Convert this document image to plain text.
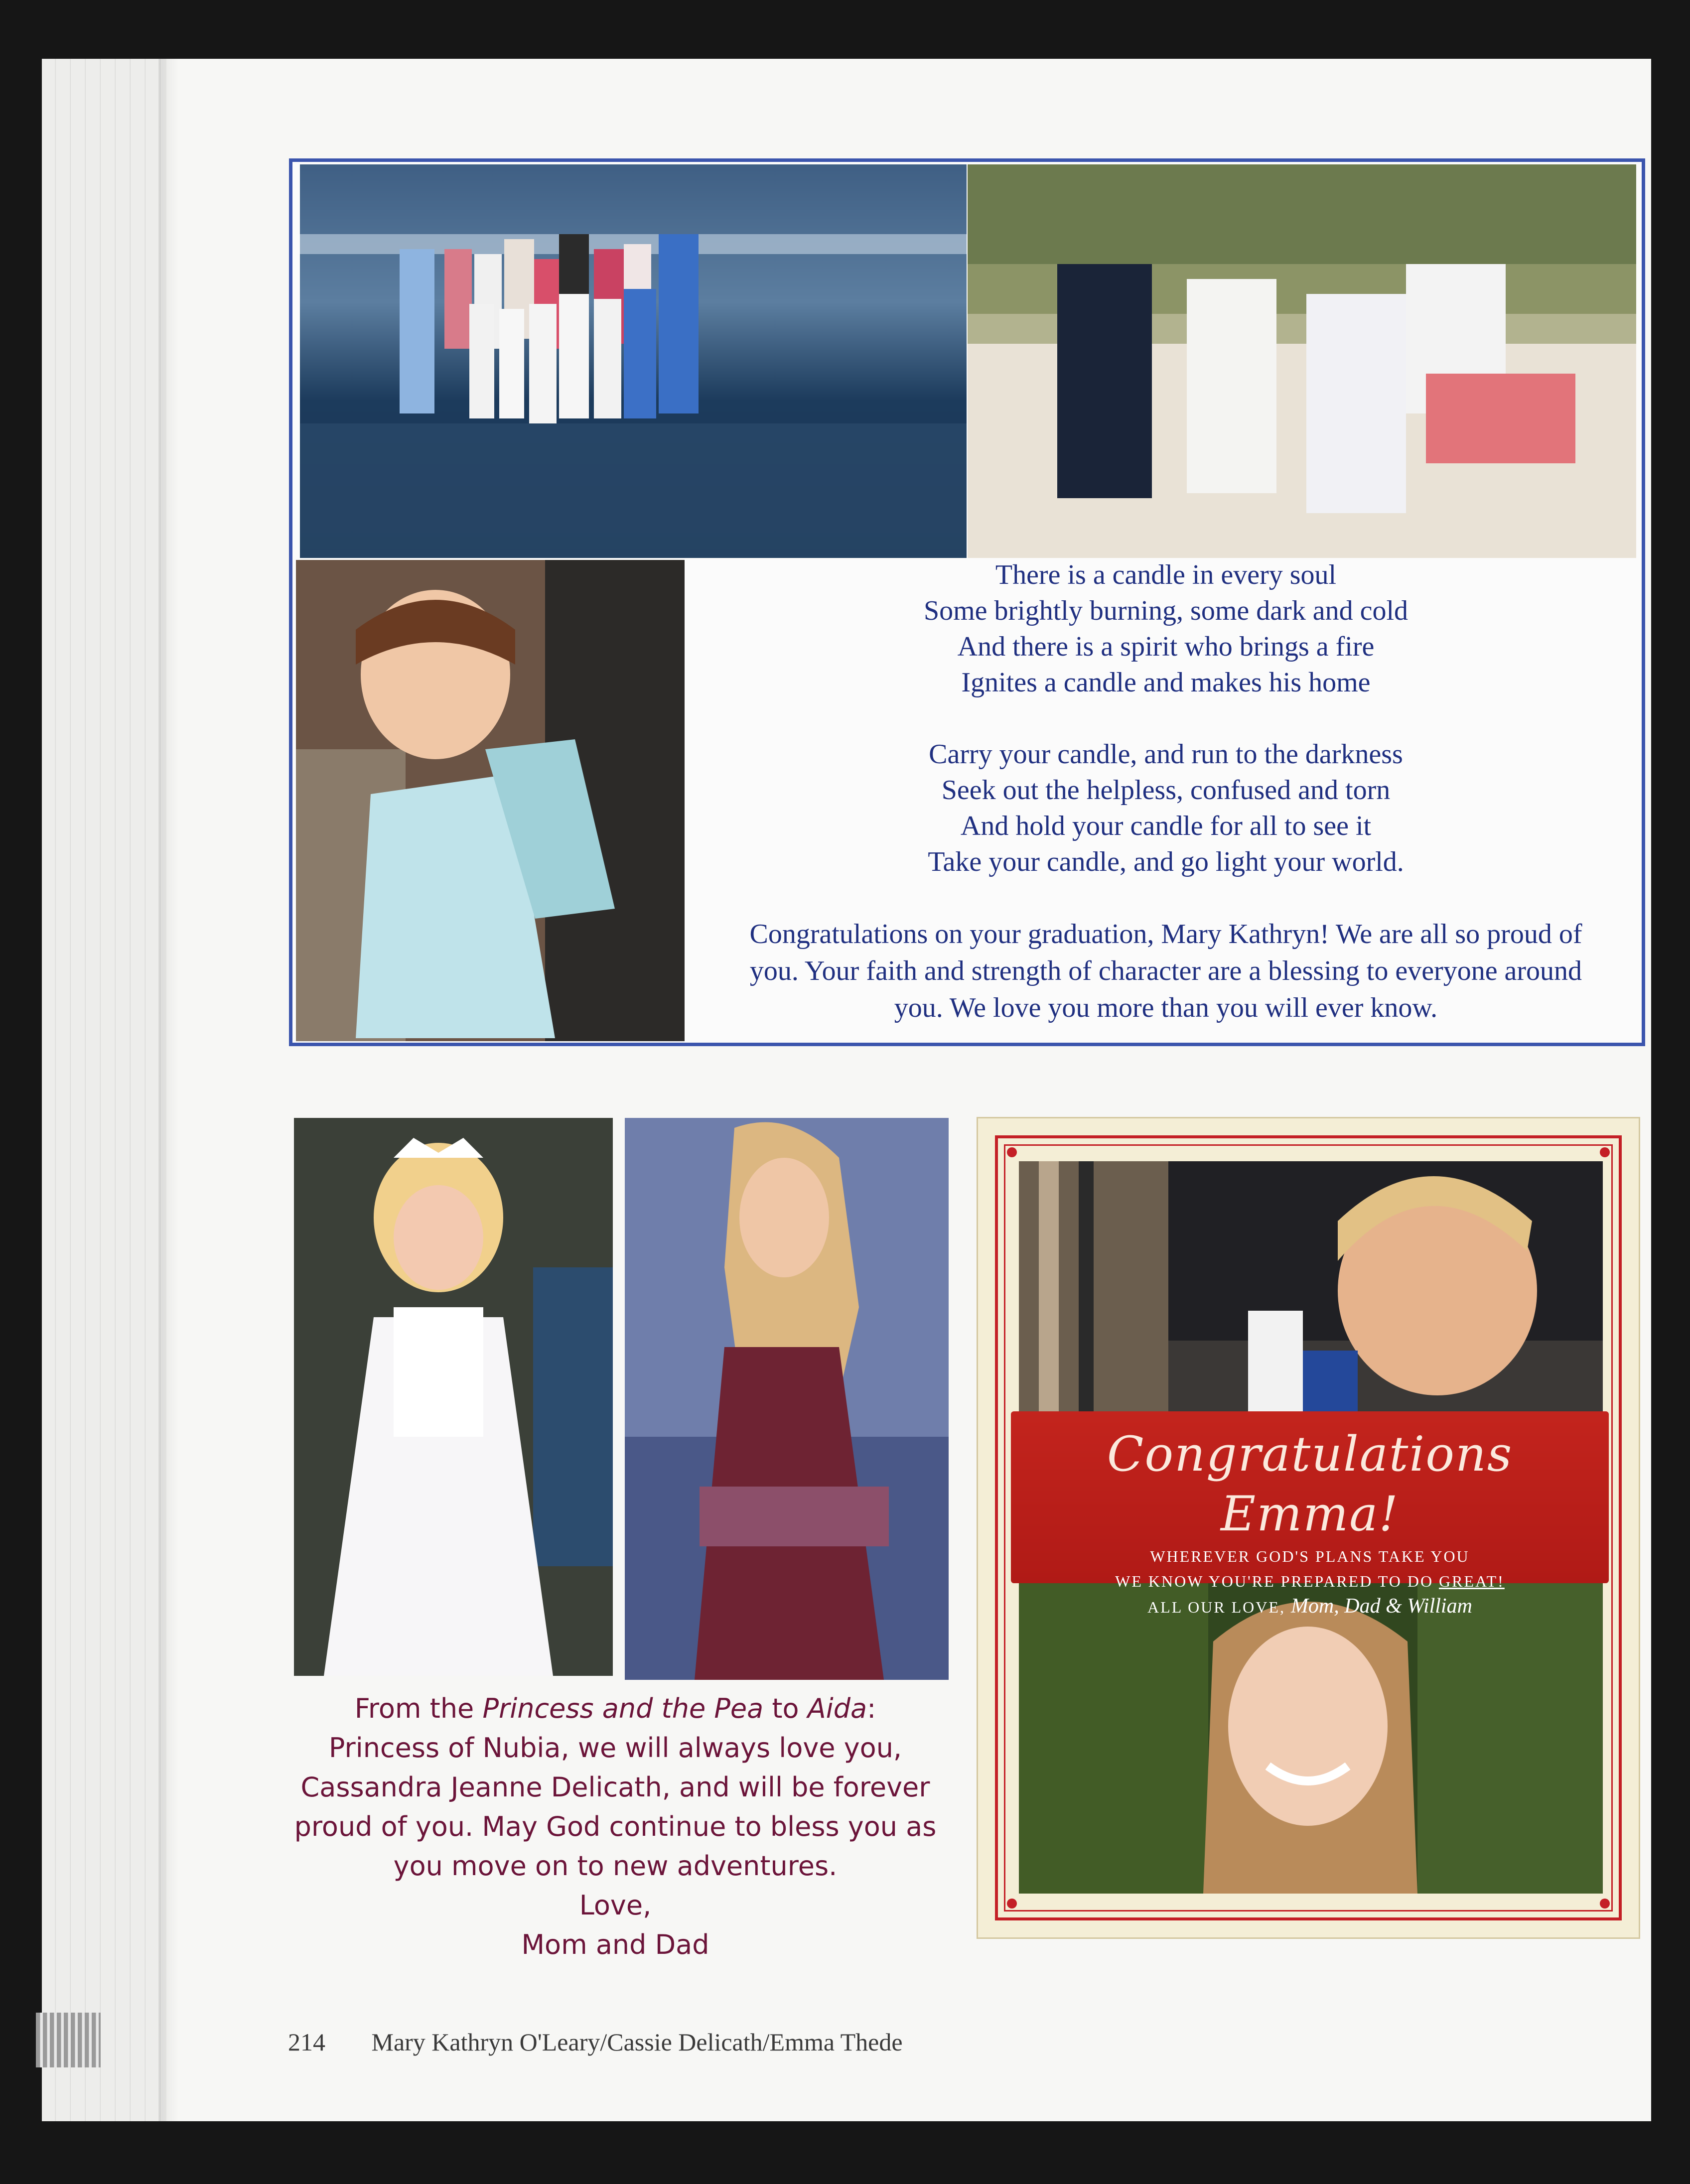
There is a candle in every soul

Some brightly burning, some dark and cold

And there is a spirit who brings a fire

Ignites a candle and makes his home

Carry your candle, and run to the darkness

Seek out the helpless, confused and torn

And hold your candle for all to see it

Take your candle, and go light your world.

Congratulations on your graduation, Mary Kathryn! We are all so proud of
you. Your faith and strength of character are a blessing to everyone around
you. We love you more than you will ever know.
From the Princess and the Pea to Aida:
Princess of Nubia, we will always love you,
Cassandra Jeanne Delicath, and will be forever
proud of you. May God continue to bless you as
you move on to new adventures.
Love,
Mom and Dad
Congratulations Emma!
WHEREVER GOD'S PLANS TAKE YOU
WE KNOW YOU'RE PREPARED TO DO GREAT!
ALL OUR LOVE, Mom, Dad & William
214 Mary Kathryn O'Leary/Cassie Delicath/Emma Thede
